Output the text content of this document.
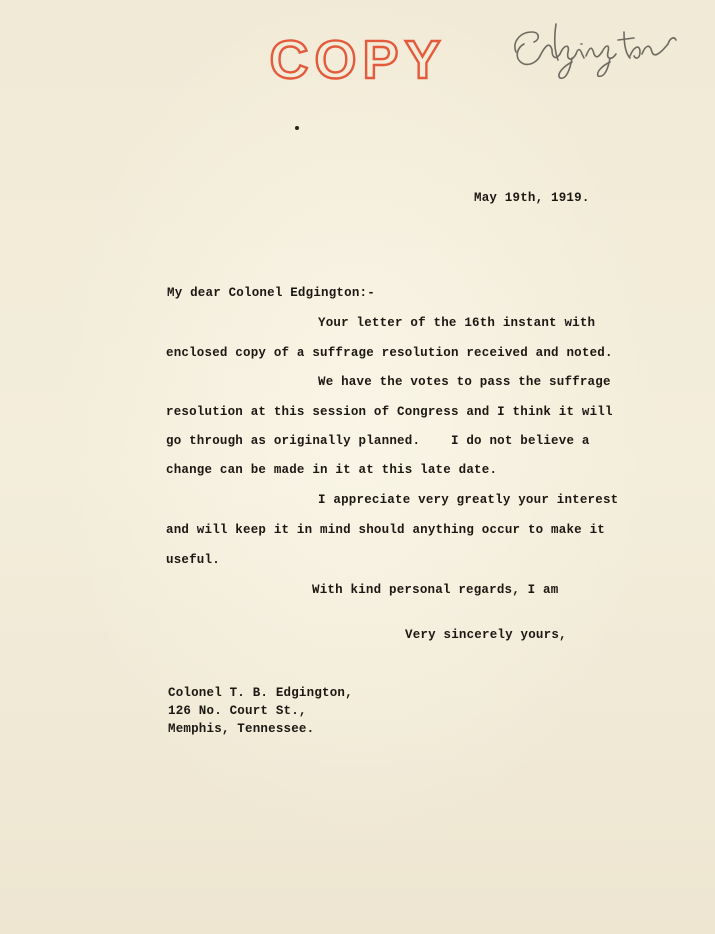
COPY
May 19th, 1919.
My dear Colonel Edgington:-
Your letter of the 16th instant with
enclosed copy of a suffrage resolution received and noted.
We have the votes to pass the suffrage
resolution at this session of Congress and I think it will
go through as originally planned.    I do not believe a
change can be made in it at this late date.
I appreciate very greatly your interest
and will keep it in mind should anything occur to make it
useful.
With kind personal regards, I am
Very sincerely yours,
Colonel T. B. Edgington,
126 No. Court St.,
Memphis, Tennessee.
